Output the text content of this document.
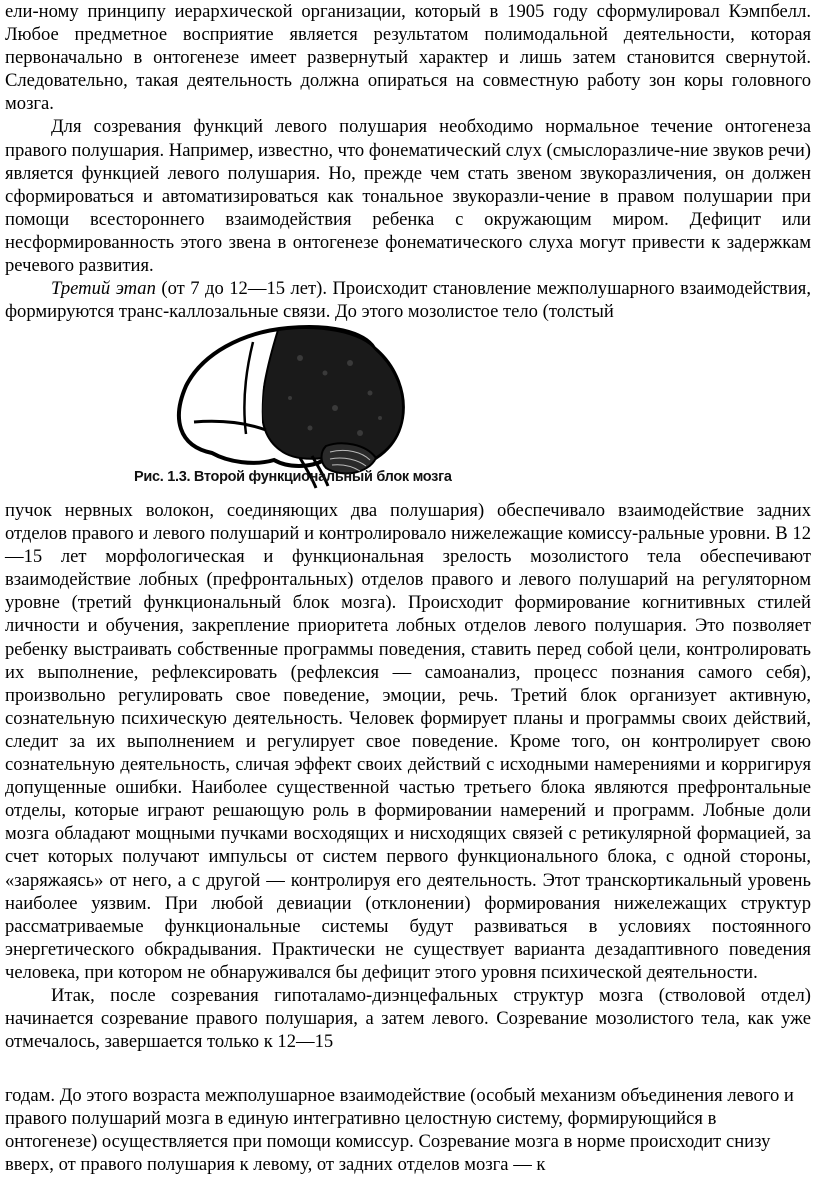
ели-ному принципу иерархической организации, который в 1905 году сформулировал Кэмпбелл. Любое предметное восприятие является результатом полимодальной деятельности, которая первоначально в онтогенезе имеет развернутый характер и лишь затем становится свернутой. Следовательно, такая деятельность должна опираться на совместную работу зон коры головного мозга.

Для созревания функций левого полушария необходимо нормальное течение онтогенеза правого полушария. Например, известно, что фонематический слух (смыслоразличе-ние звуков речи) является функцией левого полушария. Но, прежде чем стать звеном звукоразличения, он должен сформироваться и автоматизироваться как тональное звукоразли-чение в правом полушарии при помощи всестороннего взаимодействия ребенка с окружающим миром. Дефицит или несформированность этого звена в онтогенезе фонематического слуха могут привести к задержкам речевого развития.

Третий этап (от 7 до 12—15 лет). Происходит становление межполушарного взаимодействия, формируются транс-каллозальные связи. До этого мозолистое тело (толстый

Рис. 1.3. Второй функциональный блок мозга

пучок нервных волокон, соединяющих два полушария) обеспечивало взаимодействие задних отделов правого и левого полушарий и контролировало нижележащие комиссу-ральные уровни. В 12—15 лет морфологическая и функциональная зрелость мозолистого тела обеспечивают взаимодействие лобных (префронтальных) отделов правого и левого полушарий на регуляторном уровне (третий функциональный блок мозга). Происходит формирование когнитивных стилей личности и обучения, закрепление приоритета лобных отделов левого полушария. Это позволяет ребенку выстраивать собственные программы поведения, ставить перед собой цели, контролировать их выполнение, рефлексировать (рефлексия — самоанализ, процесс познания самого себя), произвольно регулировать свое поведение, эмоции, речь. Третий блок организует активную, сознательную психическую деятельность. Человек формирует планы и программы своих действий, следит за их выполнением и регулирует свое поведение. Кроме того, он контролирует свою сознательную деятельность, сличая эффект своих действий с исходными намерениями и корригируя допущенные ошибки. Наиболее существенной частью третьего блока являются префронтальные отделы, которые играют решающую роль в формировании намерений и программ. Лобные доли мозга обладают мощными пучками восходящих и нисходящих связей с ретикулярной формацией, за счет которых получают импульсы от систем первого функционального блока, с одной стороны, «заряжаясь» от него, а с другой — контролируя его деятельность. Этот транскортикальный уровень наиболее уязвим. При любой девиации (отклонении) формирования нижележащих структур рассматриваемые функциональные системы будут развиваться в условиях постоянного энергетического обкрадывания. Практически не существует варианта дезадаптивного поведения человека, при котором не обнаруживался бы дефицит этого уровня психической деятельности.

Итак, после созревания гипоталамо-диэнцефальных структур мозга (стволовой отдел) начинается созревание правого полушария, а затем левого. Созревание мозолистого тела, как уже отмечалось, завершается только к 12—15

годам. До этого возраста межполушарное взаимодействие (особый механизм объединения левого и правого полушарий мозга в единую интегративно целостную систему, формирующийся в онтогенезе) осуществляется при помощи комиссур. Созревание мозга в норме происходит снизу вверх, от правого полушария к левому, от задних отделов мозга — к
